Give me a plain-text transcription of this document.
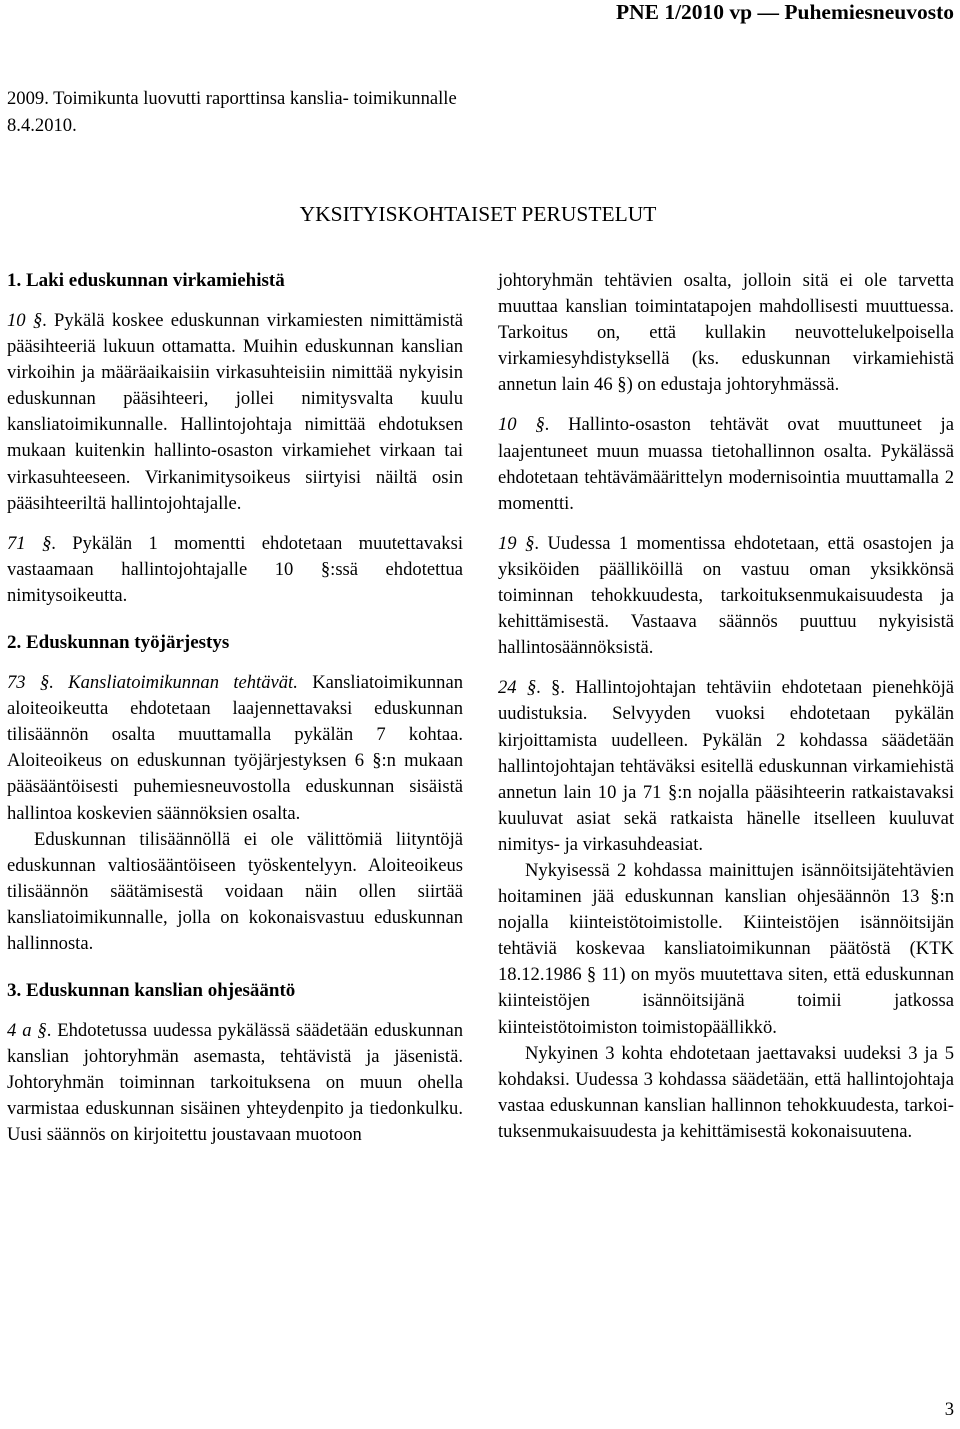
PNE 1/2010 vp — Puhemiesneuvosto
2009. Toimikunta luovutti raporttinsa kanslia- toimikunnalle 8.4.2010.
YKSITYISKOHTAISET PERUSTELUT
1. Laki eduskunnan virkamiehistä

10 §. Pykälä koskee eduskunnan virkamiesten nimittämistä pääsihteeriä lukuun ottamatta. Muihin eduskunnan kanslian virkoihin ja määräaikaisiin virkasuhteisiin nimittää nykyisin eduskunnan pääsihteeri, jollei nimitysvalta kuulu kansliatoimikunnalle. Hallintojohtaja nimittää ehdotuksen mukaan kuitenkin hallinto-osaston virkamiehet virkaan tai virkasuhteeseen. Virkanimitysoikeus siirtyisi näiltä osin pääsihteeriltä hallintojohtajalle.

71 §. Pykälän 1 momentti ehdotetaan muutettavaksi vastaamaan hallintojohtajalle 10 §:ssä ehdotettua nimitysoikeutta.

2. Eduskunnan työjärjestys

73 §. Kansliatoimikunnan tehtävät. Kansliatoimikunnan aloiteoikeutta ehdotetaan laajennettavaksi eduskunnan tilisäännön osalta muuttamalla pykälän 7 kohtaa. Aloiteoikeus on eduskunnan työjärjestyksen 6 §:n mukaan pääsääntöisesti puhemiesneuvostolla eduskunnan sisäistä hallintoa koskevien säännöksien osalta.

Eduskunnan tilisäännöllä ei ole välittömiä liityntöjä eduskunnan valtiosääntöiseen työskentelyyn. Aloiteoikeus tilisäännön säätämisestä voidaan näin ollen siirtää kansliatoimikunnalle, jolla on kokonaisvastuu eduskunnan hallinnosta.

3. Eduskunnan kanslian ohjesääntö

4 a §. Ehdotetussa uudessa pykälässä säädetään eduskunnan kanslian johtoryhmän asemasta, tehtävistä ja jäsenistä. Johtoryhmän toiminnan tarkoituksena on muun ohella varmistaa eduskunnan sisäinen yhteydenpito ja tiedonkulku. Uusi säännös on kirjoitettu joustavaan muotoon

johtoryhmän tehtävien osalta, jolloin sitä ei ole tarvetta muuttaa kanslian toimintatapojen mahdollisesti muuttuessa. Tarkoitus on, että kullakin neuvottelukelpoisella virkamiesyhdistyksellä (ks. eduskunnan virkamiehistä annetun lain 46 §) on edustaja johtoryhmässä.

10 §. Hallinto-osaston tehtävät ovat muuttuneet ja laajentuneet muun muassa tietohallinnon osalta. Pykälässä ehdotetaan tehtävämäärittelyn modernisointia muuttamalla 2 momentti.

19 §. Uudessa 1 momentissa ehdotetaan, että osastojen ja yksiköiden päälliköillä on vastuu oman yksikkönsä toiminnan tehokkuudesta, tarkoituksenmukaisuudesta ja kehittämisestä. Vastaava säännös puuttuu nykyisistä hallintosäännöksistä.

24 §. §. Hallintojohtajan tehtäviin ehdotetaan pienehköjä uudistuksia. Selvyyden vuoksi ehdotetaan pykälän kirjoittamista uudelleen. Pykälän 2 kohdassa säädetään hallintojohtajan tehtäväksi esitellä eduskunnan virkamiehistä annetun lain 10 ja 71 §:n nojalla pääsihteerin ratkaistavaksi kuuluvat asiat sekä ratkaista hänelle itselleen kuuluvat nimitys- ja virkasuhdeasiat.

Nykyisessä 2 kohdassa mainittujen isännöitsijätehtävien hoitaminen jää eduskunnan kanslian ohjesäännön 13 §:n nojalla kiinteistötoimistolle. Kiinteistöjen isännöitsijän tehtäviä koskevaa kansliatoimikunnan päätöstä (KTK 18.12.1986 § 11) on myös muutettava siten, että eduskunnan kiinteistöjen isännöitsijänä toimii jatkossa kiinteistötoimiston toimistopäällikkö.

Nykyinen 3 kohta ehdotetaan jaettavaksi uudeksi 3 ja 5 kohdaksi. Uudessa 3 kohdassa säädetään, että hallintojohtaja vastaa eduskunnan kanslian hallinnon tehokkuudesta, tarkoituksenmukaisuudesta ja kehittämisestä kokonaisuutena.

3
